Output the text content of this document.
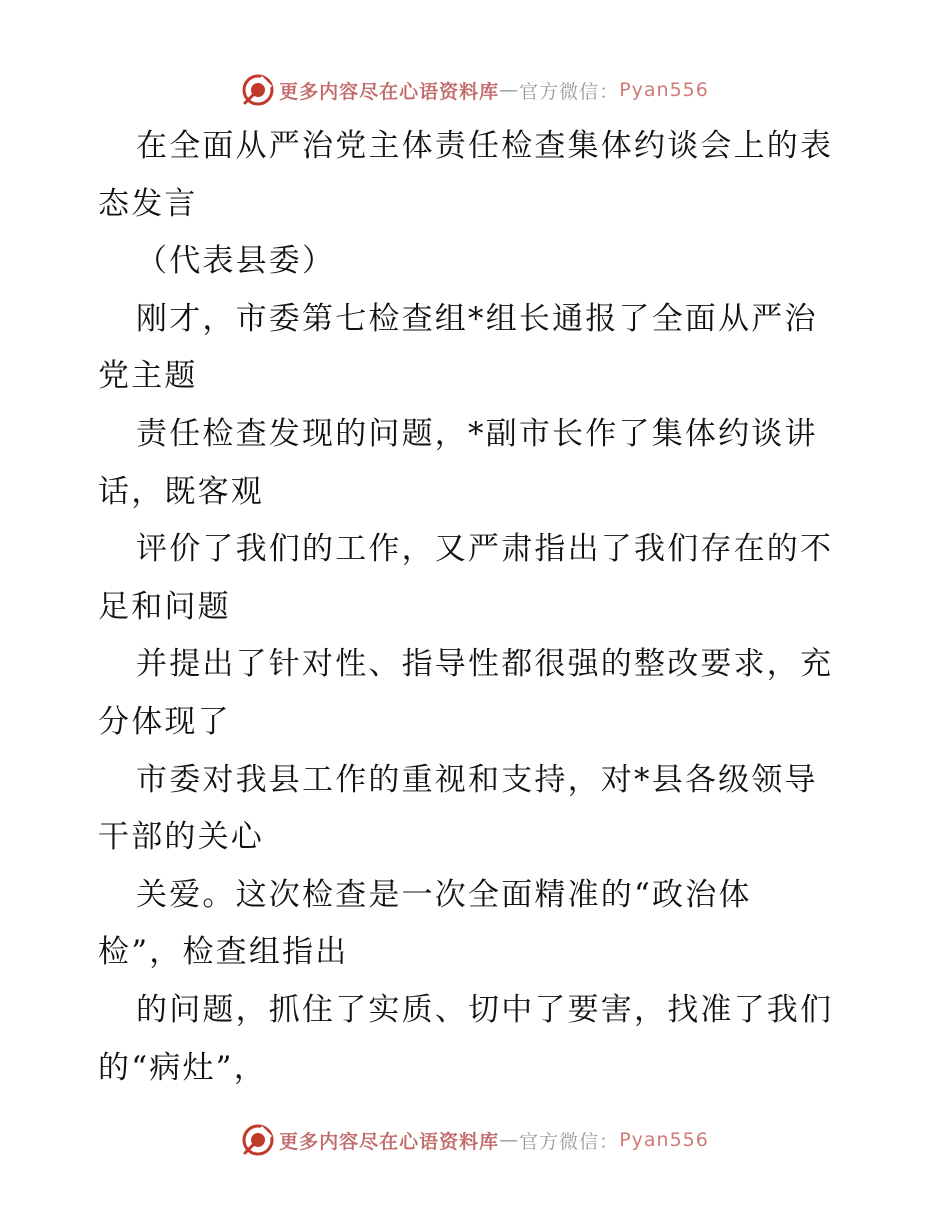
更多内容尽在心语资料库 — 官方微信： Pyan556
在全面从严治党主体责任检查集体约谈会上的表
态发言
（代表县委）
刚才，市委第七检查组*组长通报了全面从严治
党主题
责任检查发现的问题，*副市长作了集体约谈讲
话，既客观
评价了我们的工作，又严肃指出了我们存在的不
足和问题
并提出了针对性、指导性都很强的整改要求，充
分体现了
市委对我县工作的重视和支持，对*县各级领导
干部的关心
关爱。这次检查是一次全面精准的“政治体
检”，检查组指出
的问题，抓住了实质、切中了要害，找准了我们
的“病灶”，
更多内容尽在心语资料库 — 官方微信： Pyan556
